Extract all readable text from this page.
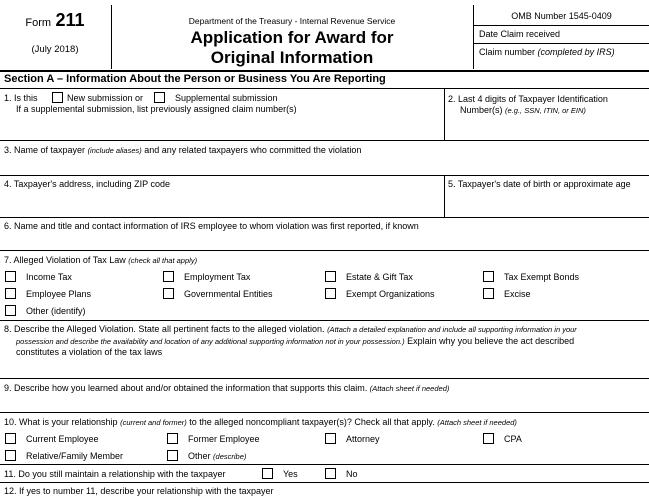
Form 211
(July 2018)
Department of the Treasury - Internal Revenue Service
Application for Award for
Original Information
OMB Number 1545-0409
Date Claim received
Claim number (completed by IRS)
Section A – Information About the Person or Business You Are Reporting
1. Is this	New submission or	Supplemental submission
If a supplemental submission, list previously assigned claim number(s)
2. Last 4 digits of Taxpayer Identification
Number(s) (e.g., SSN, ITIN, or EIN)
3. Name of taxpayer (include aliases) and any related taxpayers who committed the violation
4. Taxpayer's address, including ZIP code	5. Taxpayer's date of birth or approximate age
6. Name and title and contact information of IRS employee to whom violation was first reported, if known
7. Alleged Violation of Tax Law (check all that apply)
Income Tax	Employment Tax	Estate & Gift Tax	Tax Exempt Bonds
Employee Plans	Governmental Entities	Exempt Organizations	Excise
Other (identify)
8. Describe the Alleged Violation. State all pertinent facts to the alleged violation. (Attach a detailed explanation and include all supporting information in your
possession and describe the availability and location of any additional supporting information not in your possession.) Explain why you believe the act described
constitutes a violation of the tax laws
9. Describe how you learned about and/or obtained the information that supports this claim. (Attach sheet if needed)
10. What is your relationship (current and former) to the alleged noncompliant taxpayer(s)? Check all that apply. (Attach sheet if needed)
Current Employee	Former Employee	Attorney	CPA
Relative/Family Member	Other (describe)
11. Do you still maintain a relationship with the taxpayer	Yes	No
12. If yes to number 11, describe your relationship with the taxpayer
